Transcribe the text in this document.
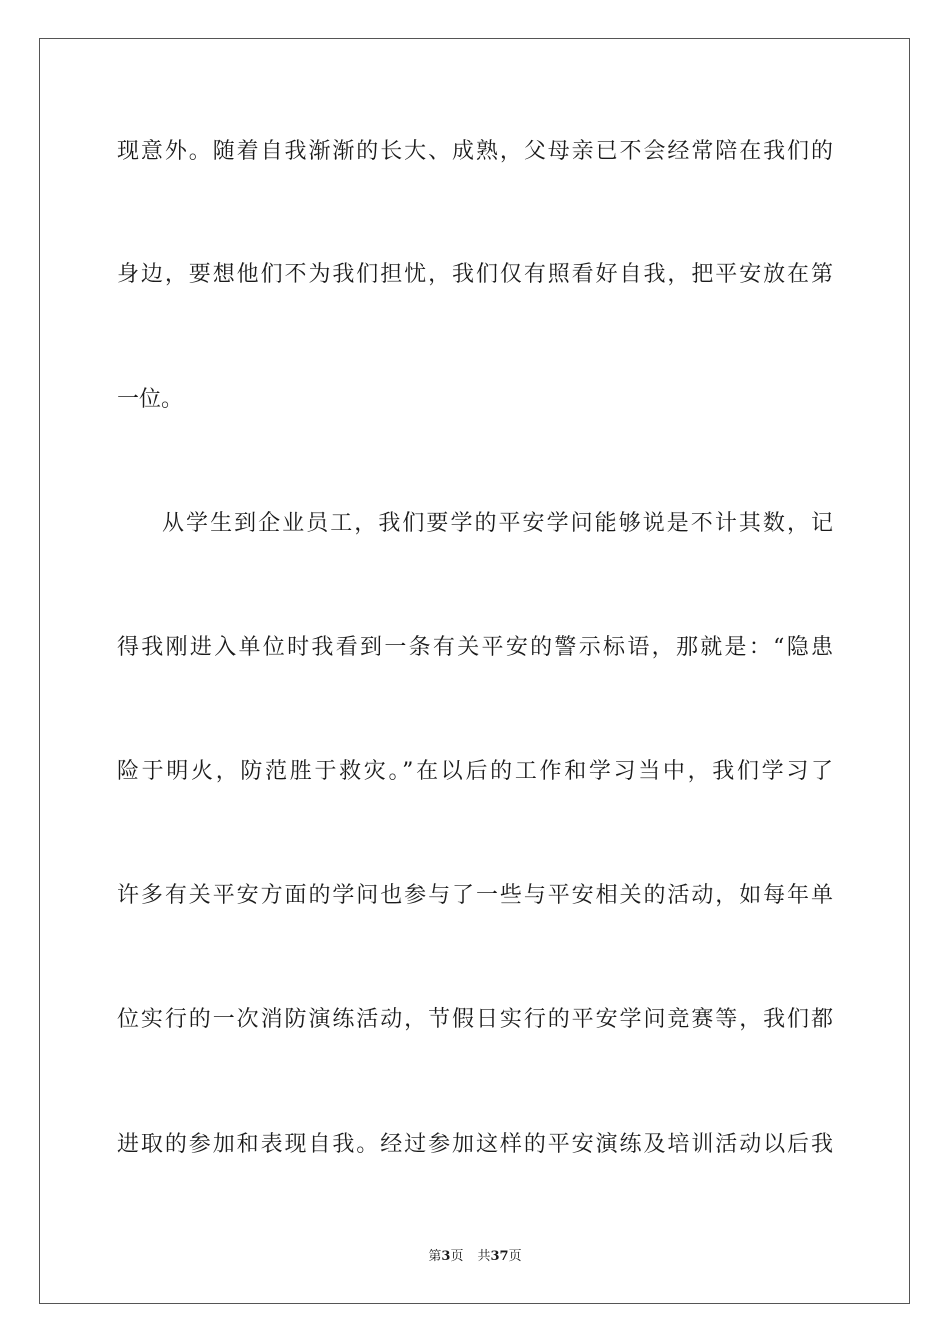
现意外。随着自我渐渐的长大、成熟，父母亲已不会经常陪在我们的
身边，要想他们不为我们担忧，我们仅有照看好自我，把平安放在第
一位。
从学生到企业员工，我们要学的平安学问能够说是不计其数，记
得我刚进入单位时我看到一条有关平安的警示标语，那就是：“隐患
险于明火，防范胜于救灾。”在以后的工作和学习当中，我们学习了
许多有关平安方面的学问也参与了一些与平安相关的活动，如每年单
位实行的一次消防演练活动，节假日实行的平安学问竞赛等，我们都
进取的参加和表现自我。经过参加这样的平安演练及培训活动以后我
第3页 共37页
